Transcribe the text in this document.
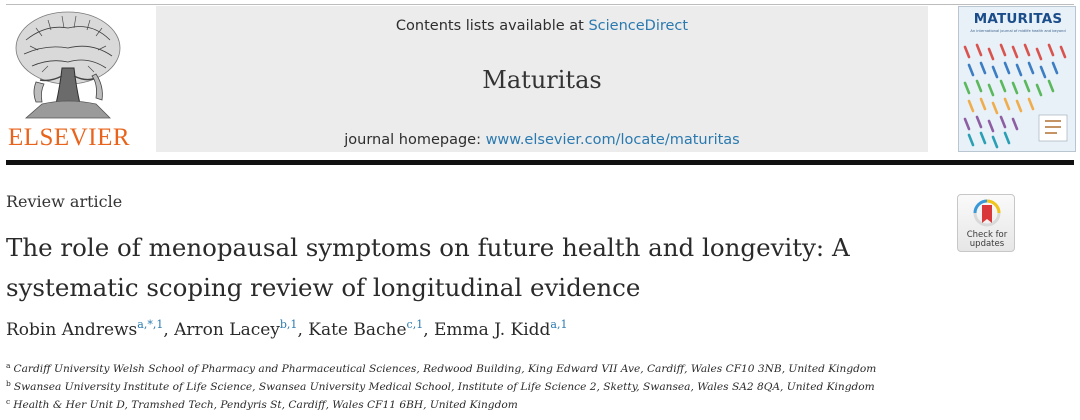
ELSEVIER
Contents lists available at ScienceDirect
Maturitas
journal homepage: www.elsevier.com/locate/maturitas
MATURITAS
An international journal of midlife health and beyond
Review article
The role of menopausal symptoms on future health and longevity: A
systematic scoping review of longitudinal evidence
Robin Andrews$^{a,*,1}$, Arron Lacey$^{b,1}$, Kate Bache$^{c,1}$, Emma J. Kidd$^{a,1}$
$^a$ Cardiff University Welsh School of Pharmacy and Pharmaceutical Sciences, Redwood Building, King Edward VII Ave, Cardiff, Wales CF10 3NB, United Kingdom
$^b$ Swansea University Institute of Life Science, Swansea University Medical School, Institute of Life Science 2, Sketty, Swansea, Wales SA2 8QA, United Kingdom
$^c$ Health & Her Unit D, Tramshed Tech, Pendyris St, Cardiff, Wales CF11 6BH, United Kingdom
Check for
updates
